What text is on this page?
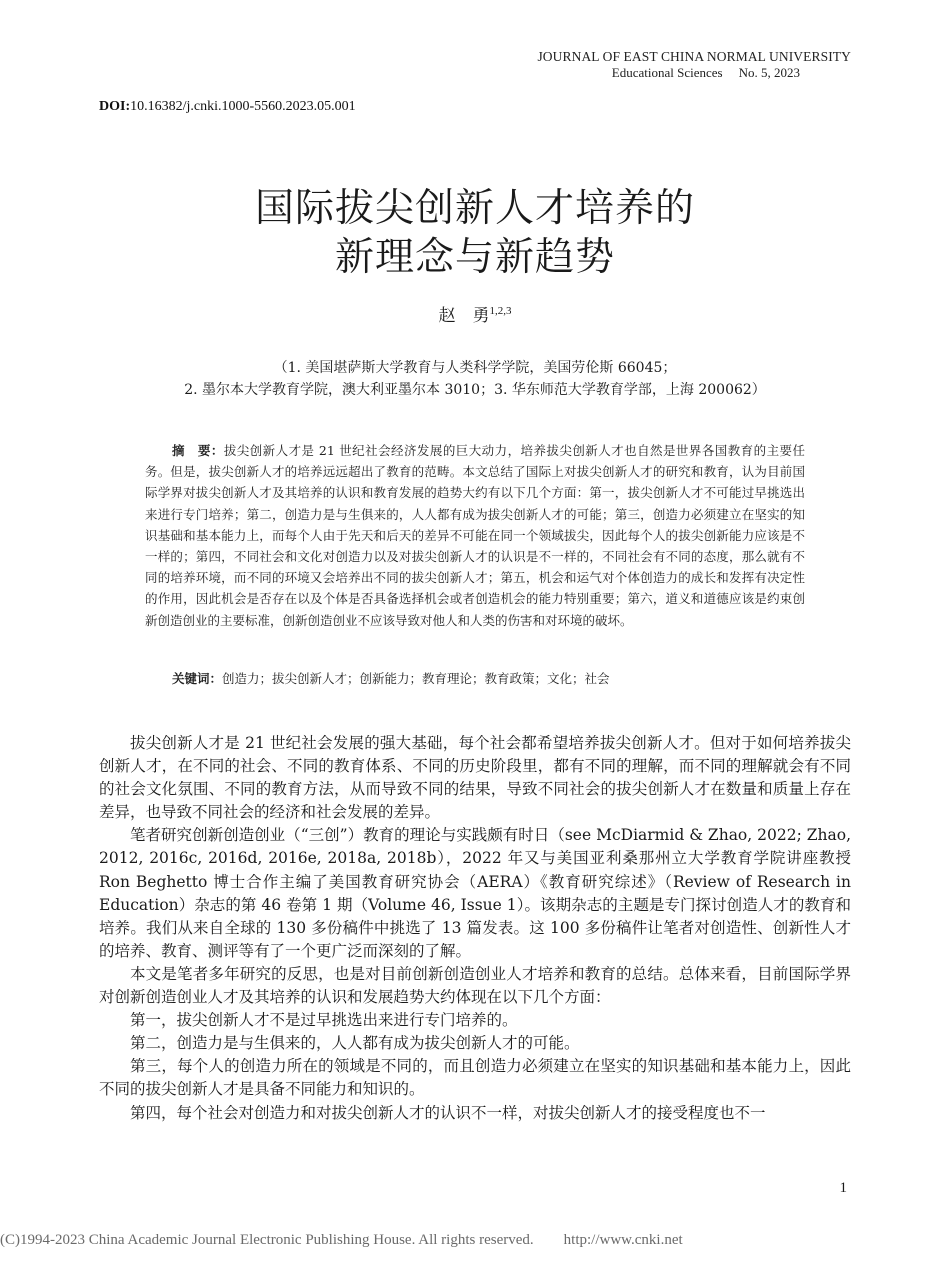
JOURNAL OF EAST CHINA NORMAL UNIVERSITY
Educational Sciences No. 5, 2023
DOI:10.16382/j.cnki.1000-5560.2023.05.001
国际拔尖创新人才培养的
新理念与新趋势
赵　勇$^{1,2,3}$
（1. 美国堪萨斯大学教育与人类科学学院，美国劳伦斯 66045；
2. 墨尔本大学教育学院，澳大利亚墨尔本 3010；3. 华东师范大学教育学部，上海 200062）
摘　要：拔尖创新人才是 21 世纪社会经济发展的巨大动力，培养拔尖创新人才也自然是世界各国教育的主要任务。但是，拔尖创新人才的培养远远超出了教育的范畴。本文总结了国际上对拔尖创新人才的研究和教育，认为目前国际学界对拔尖创新人才及其培养的认识和教育发展的趋势大约有以下几个方面：第一，拔尖创新人才不可能过早挑选出来进行专门培养；第二，创造力是与生俱来的，人人都有成为拔尖创新人才的可能；第三，创造力必须建立在坚实的知识基础和基本能力上，而每个人由于先天和后天的差异不可能在同一个领域拔尖，因此每个人的拔尖创新能力应该是不一样的；第四，不同社会和文化对创造力以及对拔尖创新人才的认识是不一样的，不同社会有不同的态度，那么就有不同的培养环境，而不同的环境又会培养出不同的拔尖创新人才；第五，机会和运气对个体创造力的成长和发挥有决定性的作用，因此机会是否存在以及个体是否具备选择机会或者创造机会的能力特别重要；第六，道义和道德应该是约束创新创造创业的主要标准，创新创造创业不应该导致对他人和人类的伤害和对环境的破坏。
关键词：创造力；拔尖创新人才；创新能力；教育理论；教育政策；文化；社会

拔尖创新人才是 21 世纪社会发展的强大基础，每个社会都希望培养拔尖创新人才。但对于如何培养拔尖创新人才，在不同的社会、不同的教育体系、不同的历史阶段里，都有不同的理解，而不同的理解就会有不同的社会文化氛围、不同的教育方法，从而导致不同的结果，导致不同社会的拔尖创新人才在数量和质量上存在差异，也导致不同社会的经济和社会发展的差异。

笔者研究创新创造创业（“三创”）教育的理论与实践颇有时日（see McDiarmid & Zhao, 2022; Zhao, 2012, 2016c, 2016d, 2016e, 2018a, 2018b），2022 年又与美国亚利桑那州立大学教育学院讲座教授 Ron Beghetto 博士合作主编了美国教育研究协会（AERA）《教育研究综述》（Review of Research in Education）杂志的第 46 卷第 1 期（Volume 46, Issue 1）。该期杂志的主题是专门探讨创造人才的教育和培养。我们从来自全球的 130 多份稿件中挑选了 13 篇发表。这 100 多份稿件让笔者对创造性、创新性人才的培养、教育、测评等有了一个更广泛而深刻的了解。

本文是笔者多年研究的反思，也是对目前创新创造创业人才培养和教育的总结。总体来看，目前国际学界对创新创造创业人才及其培养的认识和发展趋势大约体现在以下几个方面：

第一，拔尖创新人才不是过早挑选出来进行专门培养的。

第二，创造力是与生俱来的，人人都有成为拔尖创新人才的可能。

第三，每个人的创造力所在的领域是不同的，而且创造力必须建立在坚实的知识基础和基本能力上，因此不同的拔尖创新人才是具备不同能力和知识的。

第四，每个社会对创造力和对拔尖创新人才的认识不一样，对拔尖创新人才的接受程度也不一

1
(C)1994-2023 China Academic Journal Electronic Publishing House. All rights reserved.　　http://www.cnki.net
